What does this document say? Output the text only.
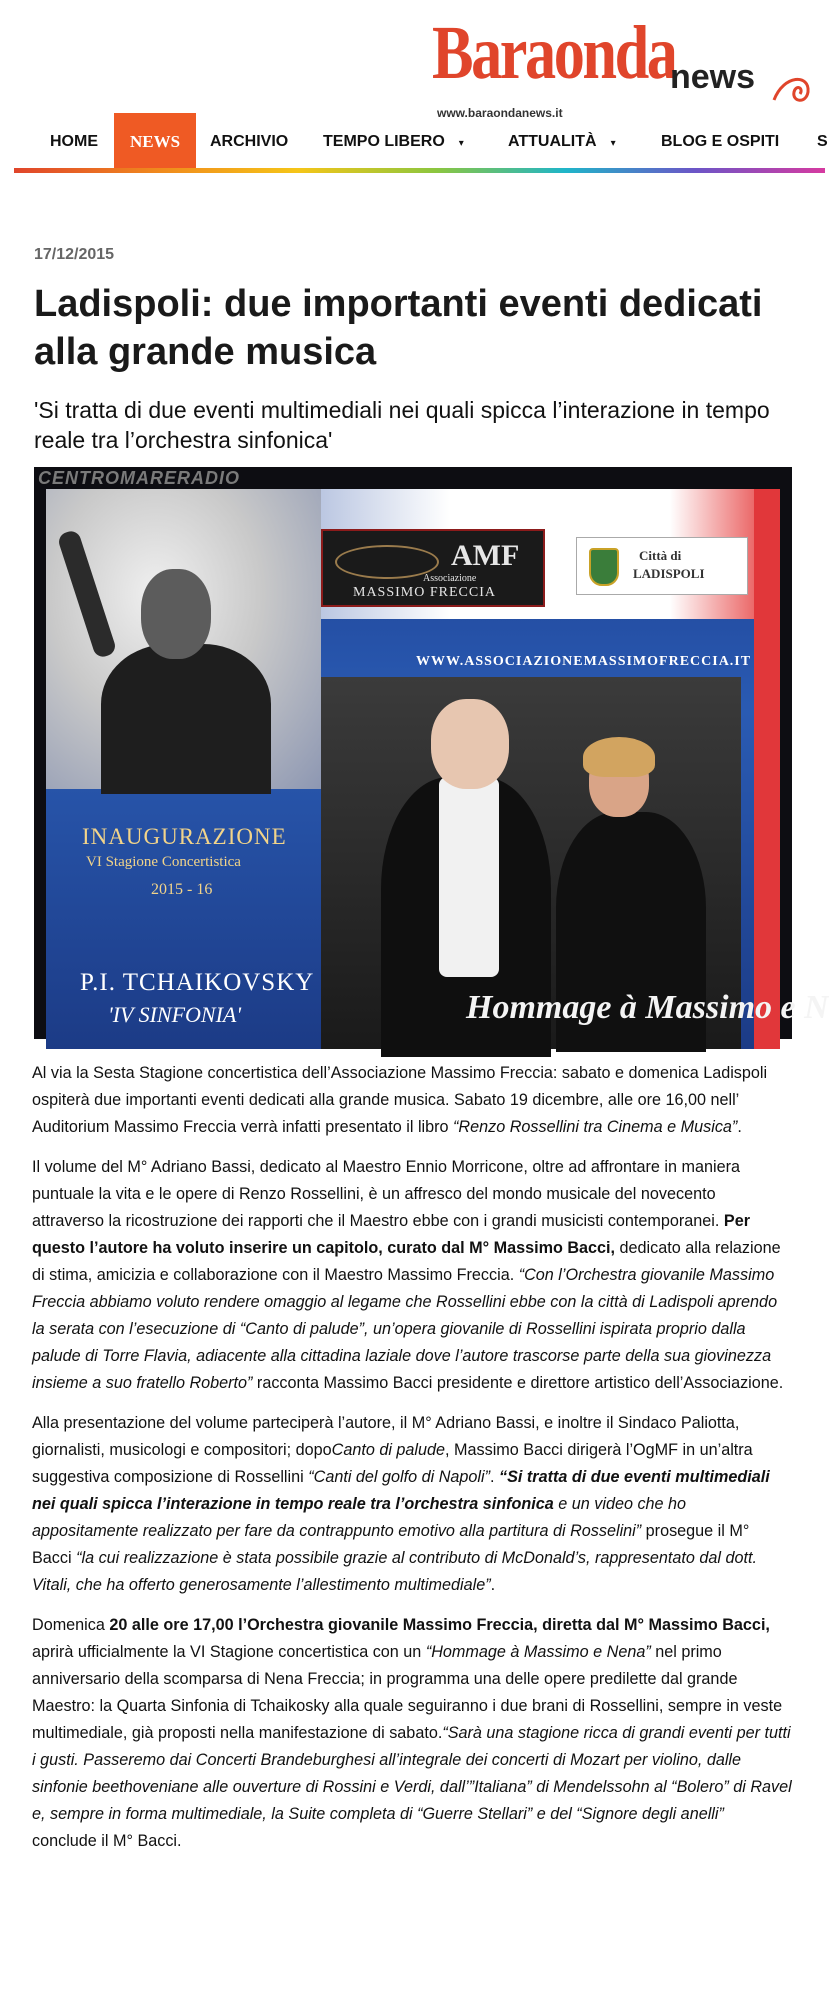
Baraonda
news
www.baraondanews.it
HOME	NEWS	ARCHIVIO TEMPO LIBERO ▾	ATTUALITÀ ▾	BLOG E OSPITI S
17/12/2015
Ladispoli: due importanti eventi dedicati alla grande musica
'Si tratta di due eventi multimediali nei quali spicca l’interazione in tempo reale tra l’orchestra sinfonica'
AMF
Associazione
MASSIMO FRECCIA
Città di
LADISPOLI
WWW.ASSOCIAZIONEMASSIMOFRECCIA.IT
Hommage à Massimo e N
INAUGURAZIONE
VI Stagione Concertistica
2015 - 16
P.I. TCHAIKOVSKY
'IV SINFONIA'
CENTROMARERADIO

Al via la Sesta Stagione concertistica dell’Associazione Massimo Freccia: sabato e domenica Ladispoli ospiterà due importanti eventi dedicati alla grande musica. Sabato 19 dicembre, alle ore 16,00 nell’ Auditorium Massimo Freccia verrà infatti presentato il libro “Renzo Rossellini tra Cinema e Musica”.

Il volume del M° Adriano Bassi, dedicato al Maestro Ennio Morricone, oltre ad affrontare in maniera puntuale la vita e le opere di Renzo Rossellini, è un affresco del mondo musicale del novecento attraverso la ricostruzione dei rapporti che il Maestro ebbe con i grandi musicisti contemporanei. Per questo l’autore ha voluto inserire un capitolo, curato dal M° Massimo Bacci, dedicato alla relazione di stima, amicizia e collaborazione con il Maestro Massimo Freccia. “Con l’Orchestra giovanile Massimo Freccia abbiamo voluto rendere omaggio al legame che Rossellini ebbe con la città di Ladispoli aprendo la serata con l’esecuzione di “Canto di palude”, un’opera giovanile di Rossellini ispirata proprio dalla palude di Torre Flavia, adiacente alla cittadina laziale dove l’autore trascorse parte della sua giovinezza insieme a suo fratello Roberto” racconta Massimo Bacci presidente e direttore artistico dell’Associazione.

Alla presentazione del volume parteciperà l’autore, il M° Adriano Bassi, e inoltre il Sindaco Paliotta, giornalisti, musicologi e compositori; dopoCanto di palude, Massimo Bacci dirigerà l’OgMF in un’altra suggestiva composizione di Rossellini “Canti del golfo di Napoli”. “Si tratta di due eventi multimediali nei quali spicca l’interazione in tempo reale tra l’orchestra sinfonica e un video che ho appositamente realizzato per fare da contrappunto emotivo alla partitura di Rosselini” prosegue il M° Bacci “la cui realizzazione è stata possibile grazie al contributo di McDonald’s, rappresentato dal dott. Vitali, che ha offerto generosamente l’allestimento multimediale”.

Domenica 20 alle ore 17,00 l’Orchestra giovanile Massimo Freccia, diretta dal M° Massimo Bacci, aprirà ufficialmente la VI Stagione concertistica con un “Hommage à Massimo e Nena” nel primo anniversario della scomparsa di Nena Freccia; in programma una delle opere predilette dal grande Maestro: la Quarta Sinfonia di Tchaikosky alla quale seguiranno i due brani di Rossellini, sempre in veste multimediale, già proposti nella manifestazione di sabato.“Sarà una stagione ricca di grandi eventi per tutti i gusti. Passeremo dai Concerti Brandeburghesi all’integrale dei concerti di Mozart per violino, dalle sinfonie beethoveniane alle ouverture di Rossini e Verdi, dall’”Italiana” di Mendelssohn al “Bolero” di Ravel e, sempre in forma multimediale, la Suite completa di “Guerre Stellari” e del “Signore degli anelli” conclude il M° Bacci.
